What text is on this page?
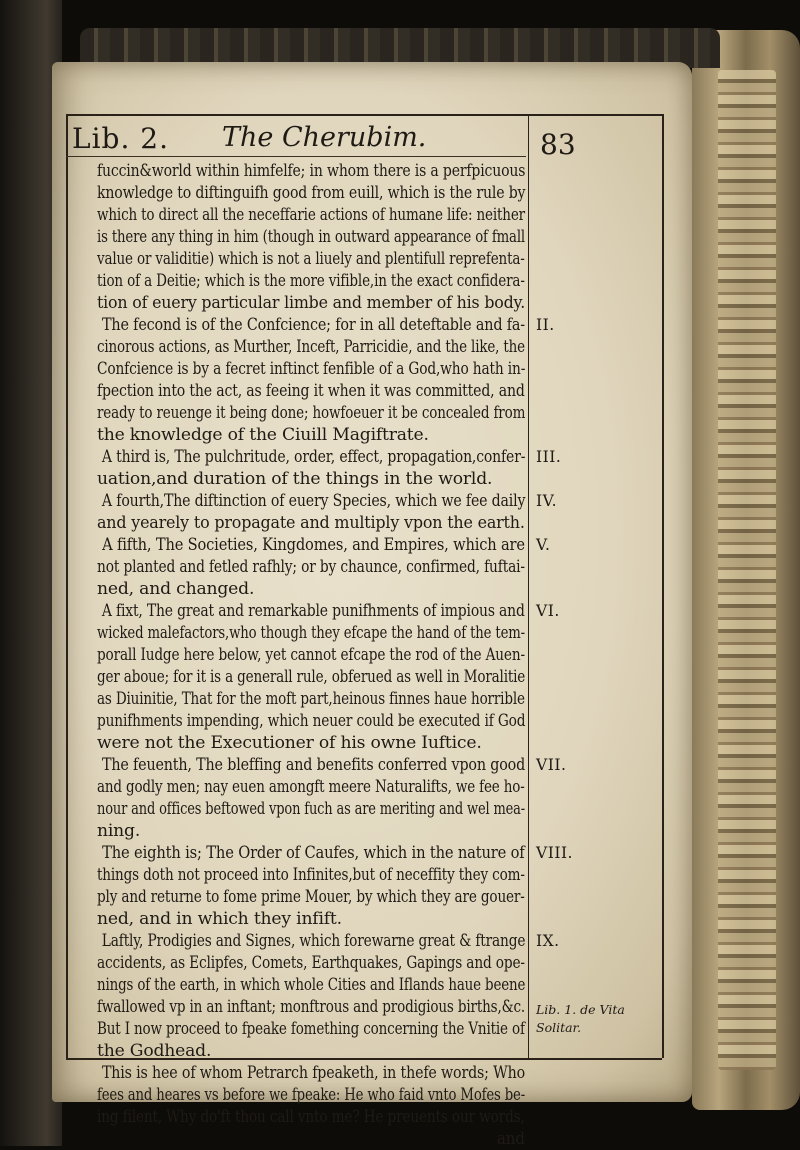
Lib. 2. The Cherubim.	83
fuccin&world within himfelfe; in whom there is a perfpicuous
knowledge to diftinguifh good from euill, which is the rule by
which to direct all the neceffarie actions of humane life: neither
is there any thing in him (though in outward appearance of fmall
value or validitie) which is not a liuely and plentifull reprefenta-
tion of a Deitie; which is the more vifible,in the exact confidera-
tion of euery particular limbe and member of his body.
The fecond is of the Confcience; for in all deteftable and fa-
cinorous actions, as Murther, Inceft, Parricidie, and the like, the
Confcience is by a fecret inftinct fenfible of a God,who hath in-
fpection into the act, as feeing it when it was committed, and
ready to reuenge it being done; howfoeuer it be concealed from
the knowledge of the Ciuill Magiftrate.
A third is, The pulchritude, order, effect, propagation,confer-
uation,and duration of the things in the world.
A fourth,The diftinction of euery Species, which we fee daily
and yearely to propagate and multiply vpon the earth.
A fifth, The Societies, Kingdomes, and Empires, which are
not planted and fetled rafhly; or by chaunce, confirmed, fuftai-
ned, and changed.
A fixt, The great and remarkable punifhments of impious and
wicked malefactors,who though they efcape the hand of the tem-
porall Iudge here below, yet cannot efcape the rod of the Auen-
ger aboue; for it is a generall rule, obferued as well in Moralitie
as Diuinitie, That for the moft part,heinous finnes haue horrible
punifhments impending, which neuer could be executed if God
were not the Executioner of his owne Iuftice.
The feuenth, The bleffing and benefits conferred vpon good
and godly men; nay euen amongft meere Naturalifts, we fee ho-
nour and offices beftowed vpon fuch as are meriting and wel mea-
ning.
The eighth is; The Order of Caufes, which in the nature of
things doth not proceed into Infinites,but of neceffity they com-
ply and returne to fome prime Mouer, by which they are gouer-
ned, and in which they infift.
Laftly, Prodigies and Signes, which forewarne great & ftrange
accidents, as Eclipfes, Comets, Earthquakes, Gapings and ope-
nings of the earth, in which whole Cities and Iflands haue beene
fwallowed vp in an inftant; monftrous and prodigious births,&c.
But I now proceed to fpeake fomething concerning the Vnitie of
the Godhead.
This is hee of whom Petrarch fpeaketh, in thefe words; Who
fees and heares vs before we fpeake: He who faid vnto Mofes be-
ing filent, Why do'ft thou call vnto me? He preuents our words,
and
II.
III.
IV.
V.
VI.
VII.
VIII.
IX.
Lib. 1. de Vita
Solitar.
